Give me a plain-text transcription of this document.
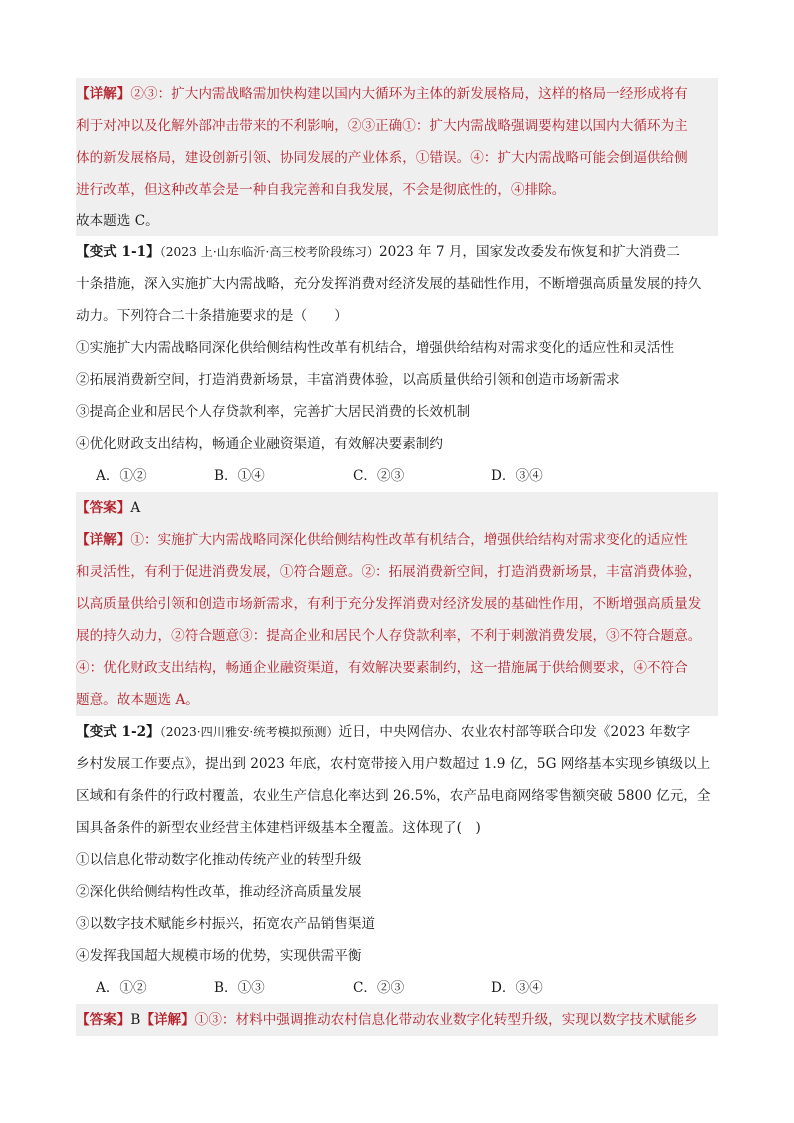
【详解】②③：扩大内需战略需加快构建以国内大循环为主体的新发展格局，这样的格局一经形成将有
利于对冲以及化解外部冲击带来的不利影响，②③正确①：扩大内需战略强调要构建以国内大循环为主
体的新发展格局，建设创新引领、协同发展的产业体系，①错误。④：扩大内需战略可能会倒逼供给侧
进行改革，但这种改革会是一种自我完善和自我发展，不会是彻底性的，④排除。
故本题选 C。
【变式 1-1】（2023 上·山东临沂·高三校考阶段练习）2023 年 7 月，国家发改委发布恢复和扩大消费二
十条措施，深入实施扩大内需战略，充分发挥消费对经济发展的基础性作用，不断增强高质量发展的持久
动力。下列符合二十条措施要求的是（　　）
①实施扩大内需战略同深化供给侧结构性改革有机结合，增强供给结构对需求变化的适应性和灵活性
②拓展消费新空间，打造消费新场景，丰富消费体验，以高质量供给引领和创造市场新需求
③提高企业和居民个人存贷款利率，完善扩大居民消费的长效机制
④优化财政支出结构，畅通企业融资渠道，有效解决要素制约
A．①②	B．①④	C．②③	D．③④
【答案】A
【详解】①：实施扩大内需战略同深化供给侧结构性改革有机结合，增强供给结构对需求变化的适应性
和灵活性，有利于促进消费发展，①符合题意。②：拓展消费新空间，打造消费新场景，丰富消费体验，
以高质量供给引领和创造市场新需求，有利于充分发挥消费对经济发展的基础性作用，不断增强高质量发
展的持久动力，②符合题意③：提高企业和居民个人存贷款利率，不利于刺激消费发展，③不符合题意。
④：优化财政支出结构，畅通企业融资渠道，有效解决要素制约，这一措施属于供给侧要求，④不符合
题意。故本题选 A。
【变式 1-2】（2023·四川雅安·统考模拟预测）近日，中央网信办、农业农村部等联合印发《2023 年数字
乡村发展工作要点》，提出到 2023 年底，农村宽带接入用户数超过 1.9 亿，5G 网络基本实现乡镇级以上
区域和有条件的行政村覆盖，农业生产信息化率达到 26.5%，农产品电商网络零售额突破 5800 亿元，全
国具备条件的新型农业经营主体建档评级基本全覆盖。这体现了(　)
①以信息化带动数字化推动传统产业的转型升级
②深化供给侧结构性改革，推动经济高质量发展
③以数字技术赋能乡村振兴，拓宽农产品销售渠道
④发挥我国超大规模市场的优势，实现供需平衡
A．①②	B．①③	C．②③	D．③④
【答案】B【详解】①③：材料中强调推动农村信息化带动农业数字化转型升级，实现以数字技术赋能乡
